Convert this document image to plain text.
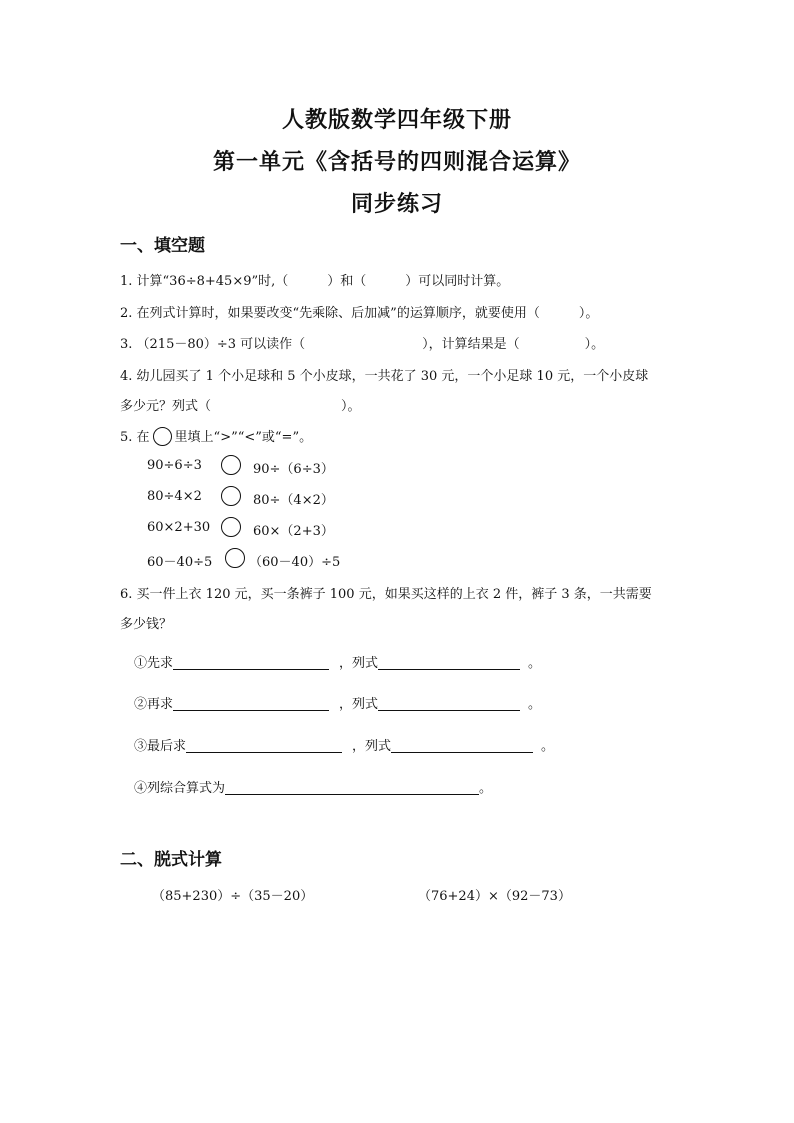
人教版数学四年级下册
第一单元《含括号的四则混合运算》
同步练习
一、填空题
1. 计算“36÷8+45×9”时,（　　　）和（　　　）可以同时计算。
2. 在列式计算时，如果要改变“先乘除、后加减”的运算顺序，就要使用（　　　）。
3. （215－80）÷3 可以读作（　　　　　　　　　），计算结果是（　　　　　）。
4. 幼儿园买了 1 个小足球和 5 个小皮球，一共花了 30 元，一个小足球 10 元，一个小皮球
多少元？列式（　　　　　　　　　　）。
5. 在 里填上“>”“<”或“=”。
90÷6÷3	90÷（6÷3）
80÷4×2	80÷（4×2）
60×2+30	60×（2+3）
60－40÷5	（60－40）÷5
6. 买一件上衣 120 元，买一条裤子 100 元，如果买这样的上衣 2 件，裤子 3 条，一共需要
多少钱？
①先求	，列式	。
②再求	，列式	。
③最后求	，列式	。
④列综合算式为	。
二、脱式计算
（85+230）÷（35－20）	（76+24）×（92－73）
